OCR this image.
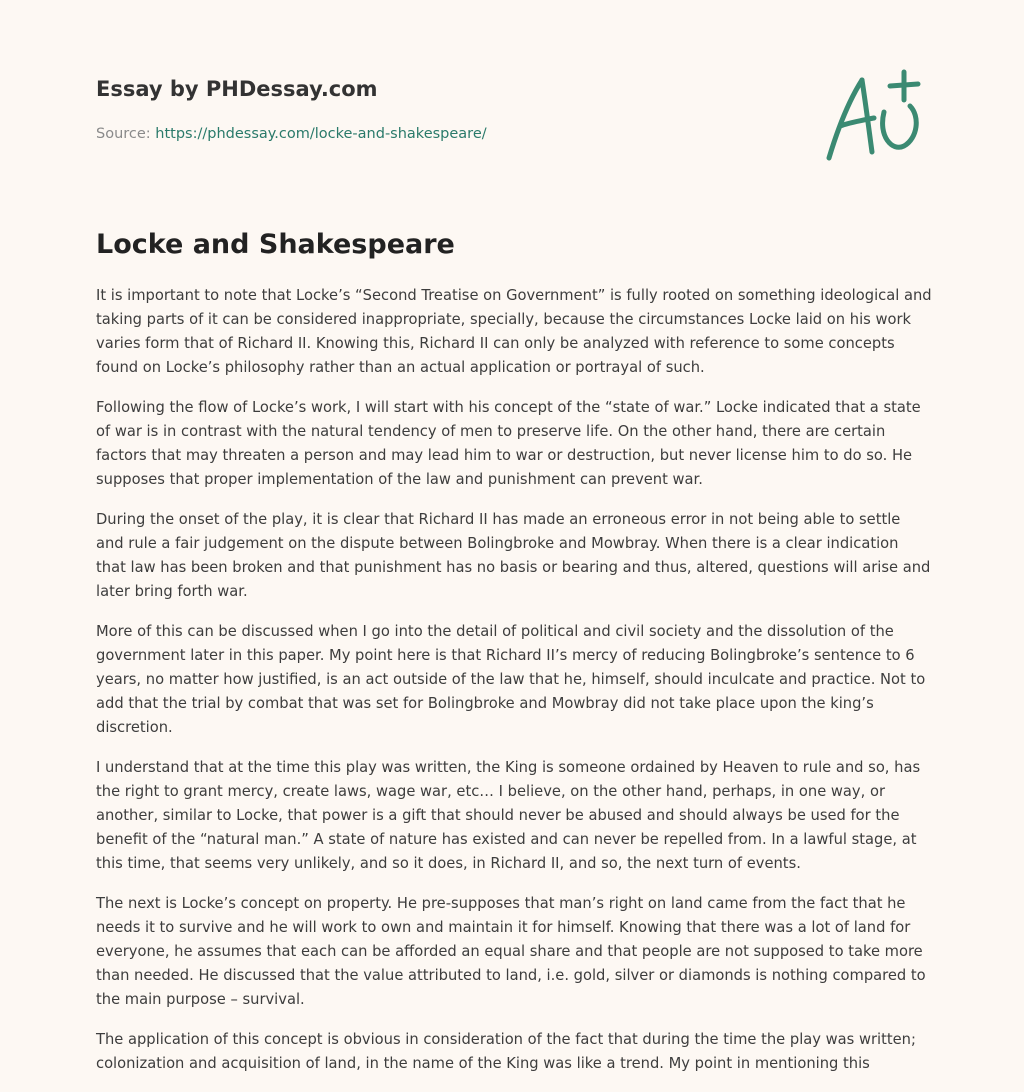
Essay by PHDessay.com
Source: https://phdessay.com/locke-and-shakespeare/
Locke and Shakespeare

It is important to note that Locke’s “Second Treatise on Government” is fully rooted on something ideological and taking parts of it can be considered inappropriate, specially, because the circumstances Locke laid on his work varies form that of Richard II. Knowing this, Richard II can only be analyzed with reference to some concepts found on Locke’s philosophy rather than an actual application or portrayal of such.

Following the flow of Locke’s work, I will start with his concept of the “state of war.” Locke indicated that a state of war is in contrast with the natural tendency of men to preserve life. On the other hand, there are certain factors that may threaten a person and may lead him to war or destruction, but never license him to do so. He supposes that proper implementation of the law and punishment can prevent war.

During the onset of the play, it is clear that Richard II has made an erroneous error in not being able to settle and rule a fair judgement on the dispute between Bolingbroke and Mowbray. When there is a clear indication that law has been broken and that punishment has no basis or bearing and thus, altered, questions will arise and later bring forth war.

More of this can be discussed when I go into the detail of political and civil society and the dissolution of the government later in this paper. My point here is that Richard II’s mercy of reducing Bolingbroke’s sentence to 6 years, no matter how justified, is an act outside of the law that he, himself, should inculcate and practice. Not to add that the trial by combat that was set for Bolingbroke and Mowbray did not take place upon the king’s discretion.

I understand that at the time this play was written, the King is someone ordained by Heaven to rule and so, has the right to grant mercy, create laws, wage war, etc… I believe, on the other hand, perhaps, in one way, or another, similar to Locke, that power is a gift that should never be abused and should always be used for the benefit of the “natural man.” A state of nature has existed and can never be repelled from. In a lawful stage, at this time, that seems very unlikely, and so it does, in Richard II, and so, the next turn of events.

The next is Locke’s concept on property. He pre-supposes that man’s right on land came from the fact that he needs it to survive and he will work to own and maintain it for himself. Knowing that there was a lot of land for everyone, he assumes that each can be afforded an equal share and that people are not supposed to take more than needed. He discussed that the value attributed to land, i.e. gold, silver or diamonds is nothing compared to the main purpose – survival.

The application of this concept is obvious in consideration of the fact that during the time the play was written; colonization and acquisition of land, in the name of the King was like a trend. My point in mentioning this
